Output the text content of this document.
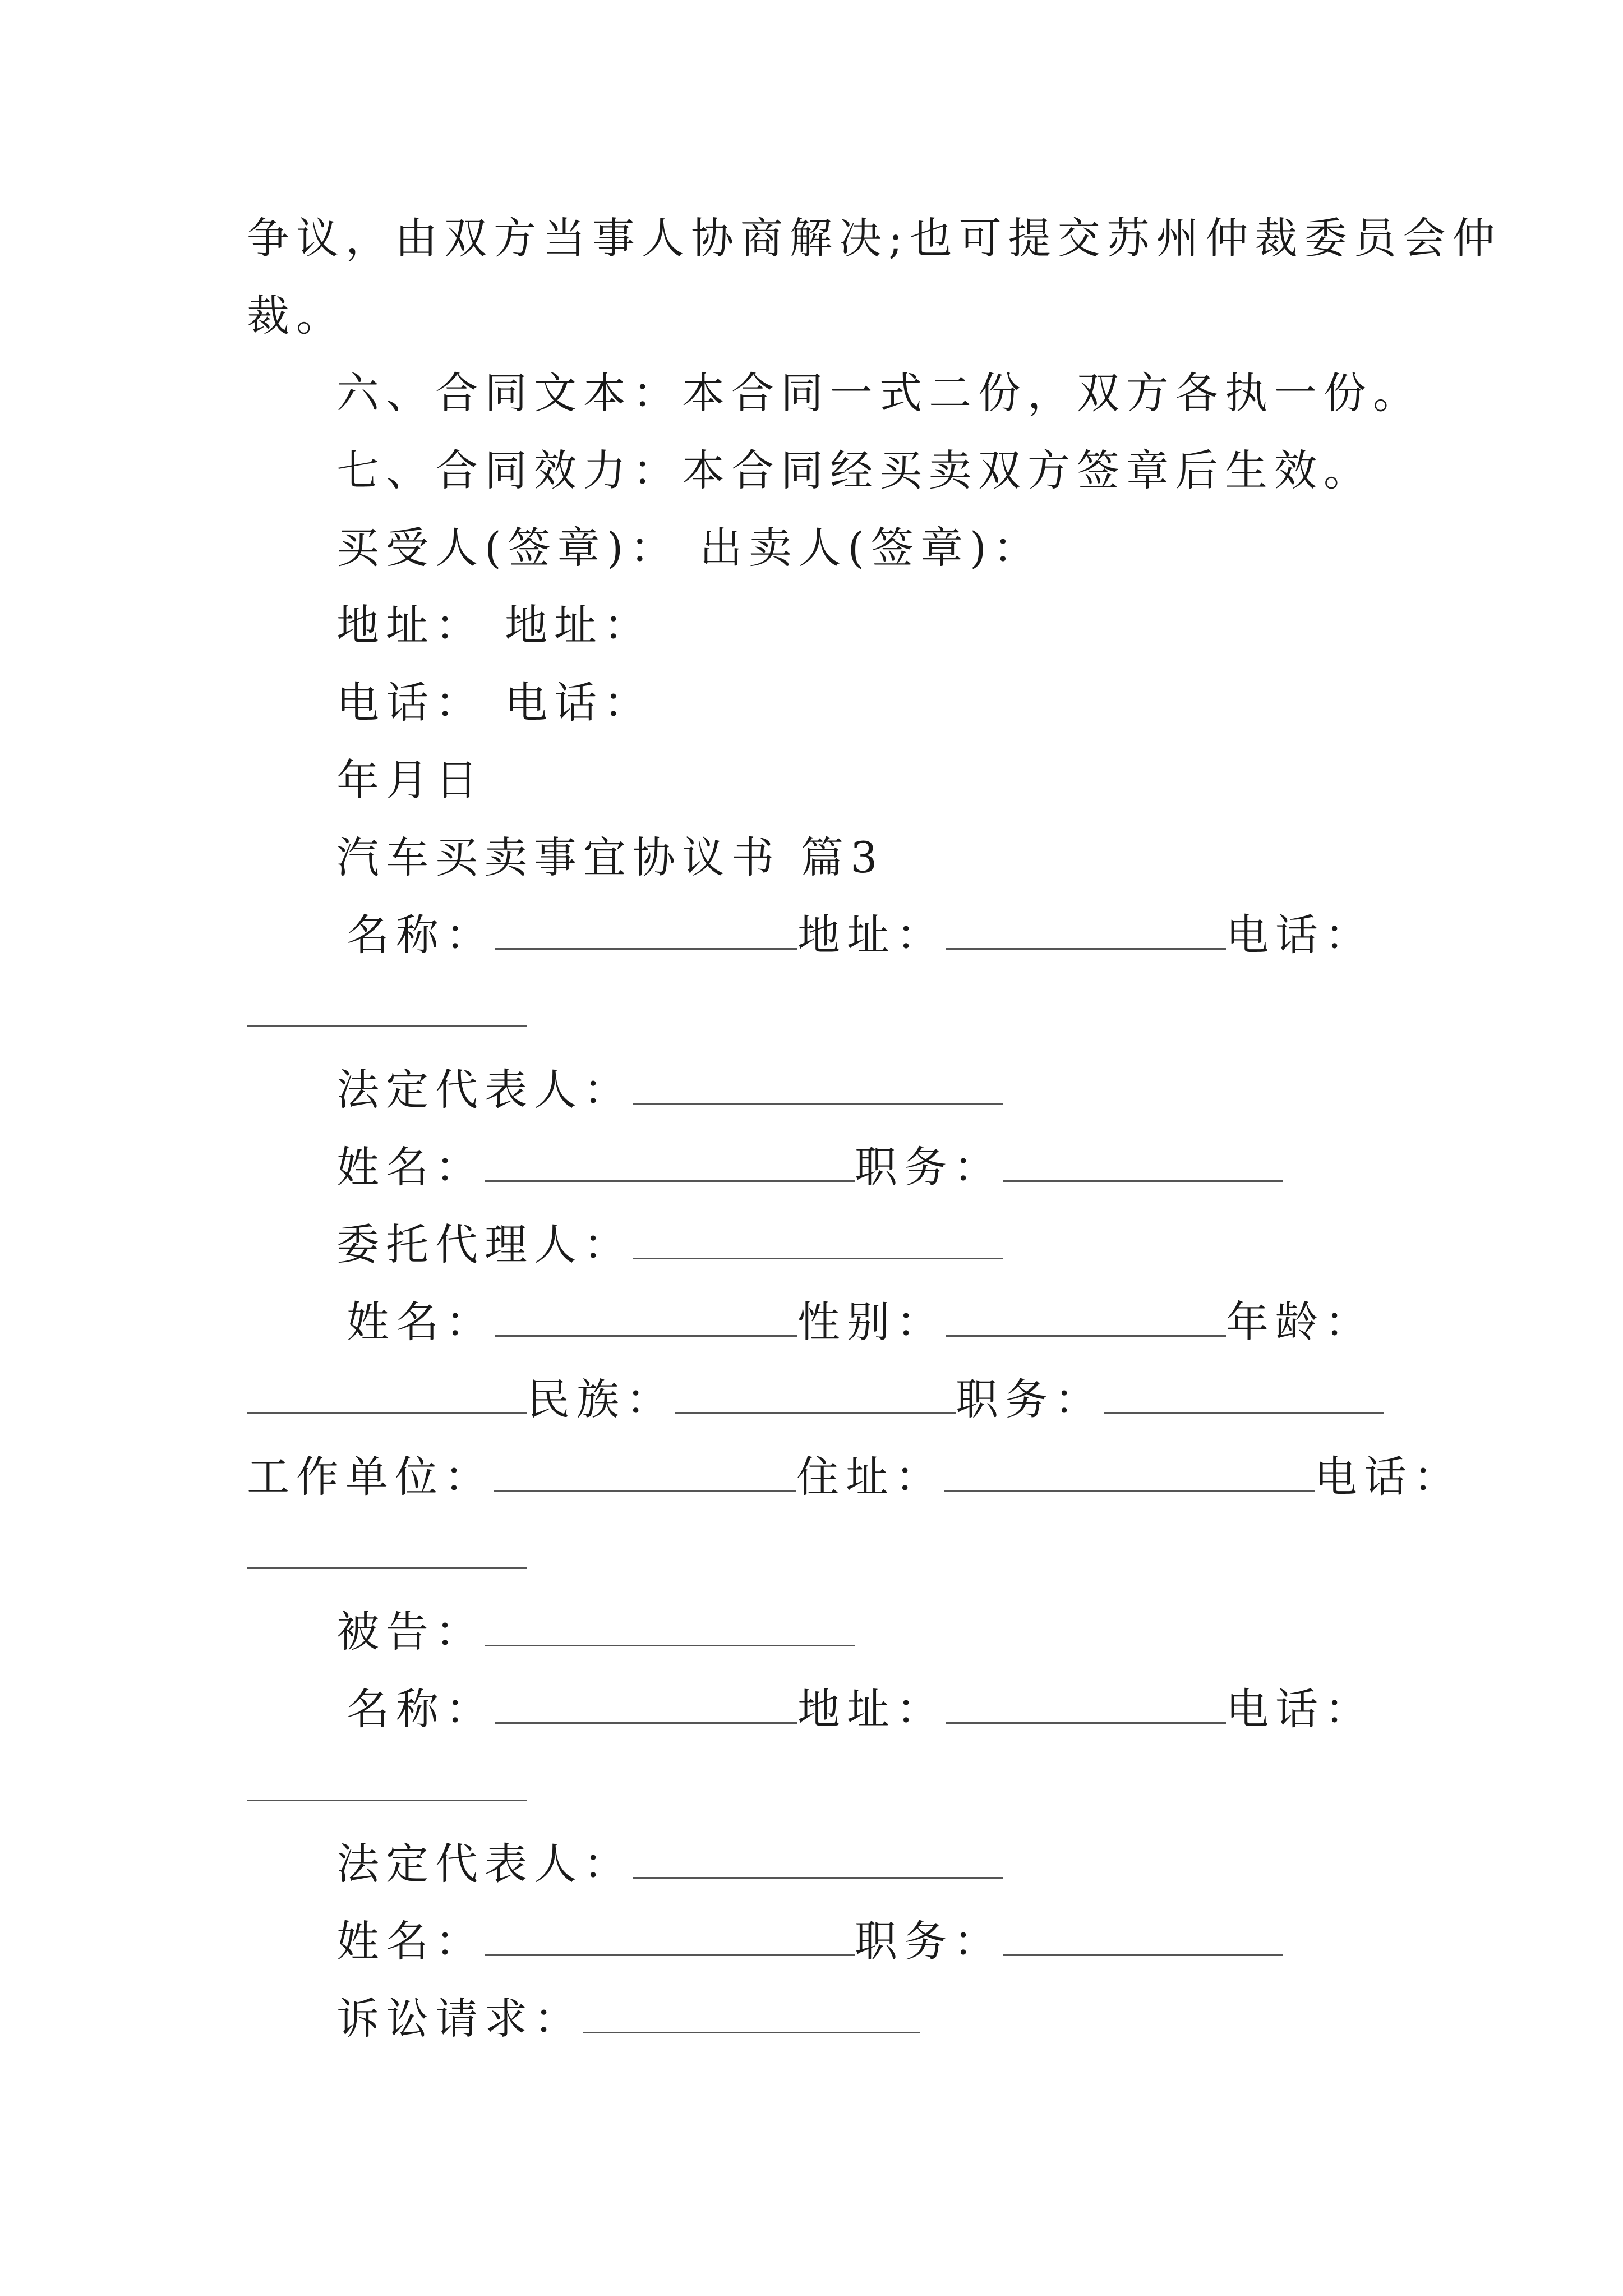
争议，由双方当事人协商解决;也可提交苏州仲裁委员会仲
裁。
六、合同文本：本合同一式二份，双方各执一份。
七、合同效力：本合同经买卖双方签章后生效。
买受人(签章)： 出卖人(签章)：
地址： 地址：
电话： 电话：
年月日
汽车买卖事宜协议书 篇3
名称：	地址：	电话：
法定代表人：
姓名：	职务：
委托代理人：
姓名：	性别：	年龄：
民族：	职务：
工作单位：	住址：	电话：
被告：
名称：	地址：	电话：
法定代表人：
姓名：	职务：
诉讼请求：
